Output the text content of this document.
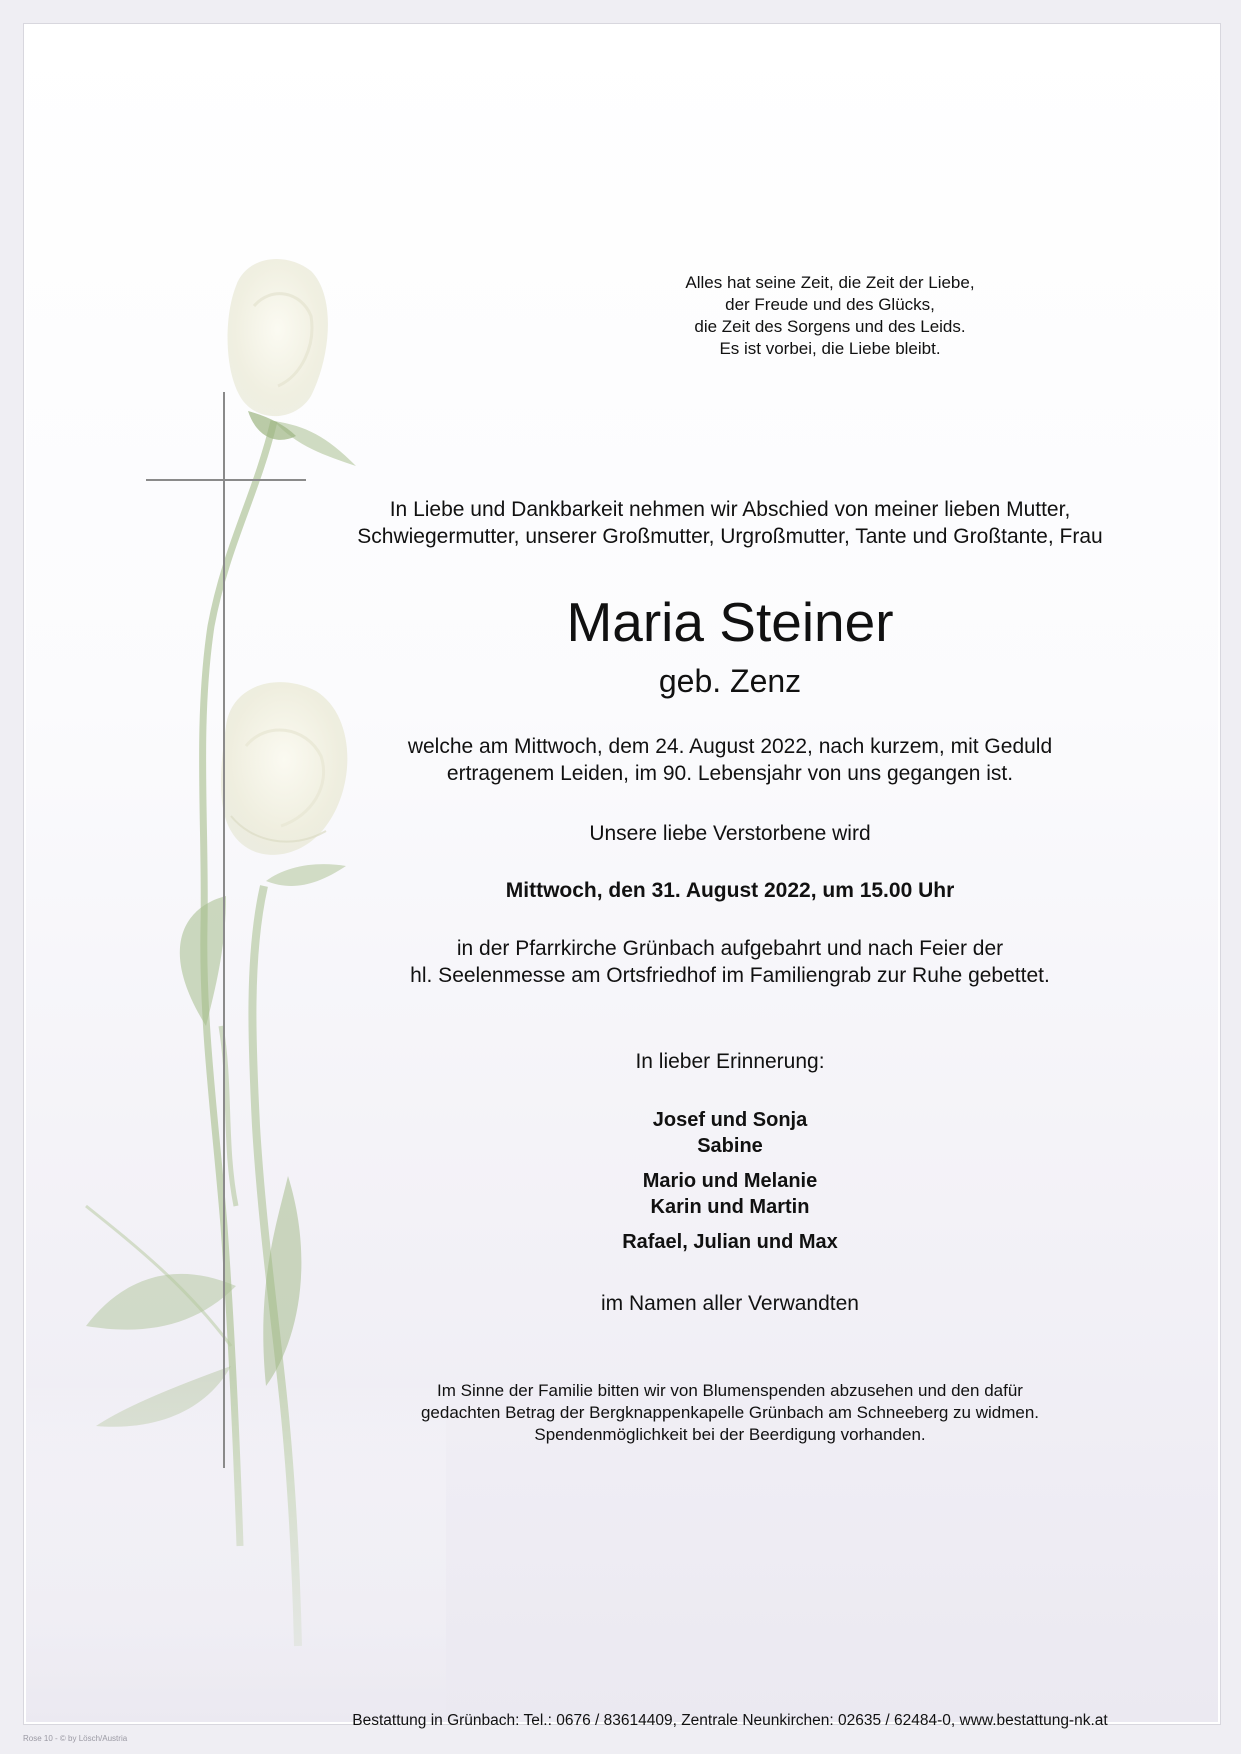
Alles hat seine Zeit, die Zeit der Liebe,
der Freude und des Glücks,
die Zeit des Sorgens und des Leids.
Es ist vorbei, die Liebe bleibt.
In Liebe und Dankbarkeit nehmen wir Abschied von meiner lieben Mutter,
Schwiegermutter, unserer Großmutter, Urgroßmutter, Tante und Großtante, Frau
Maria Steiner
geb. Zenz
welche am Mittwoch, dem 24. August 2022, nach kurzem, mit Geduld
ertragenem Leiden, im 90. Lebensjahr von uns gegangen ist.
Unsere liebe Verstorbene wird
Mittwoch, den 31. August 2022, um 15.00 Uhr
in der Pfarrkirche Grünbach aufgebahrt und nach Feier der
hl. Seelenmesse am Ortsfriedhof im Familiengrab zur Ruhe gebettet.
In lieber Erinnerung:
Josef und Sonja
Sabine
Mario und Melanie
Karin und Martin
Rafael, Julian und Max
im Namen aller Verwandten
Im Sinne der Familie bitten wir von Blumenspenden abzusehen und den dafür
gedachten Betrag der Bergknappenkapelle Grünbach am Schneeberg zu widmen.
Spendenmöglichkeit bei der Beerdigung vorhanden.
Bestattung in Grünbach: Tel.: 0676 / 83614409, Zentrale Neunkirchen: 02635 / 62484-0, www.bestattung-nk.at
Rose 10 - © by Lösch/Austria
